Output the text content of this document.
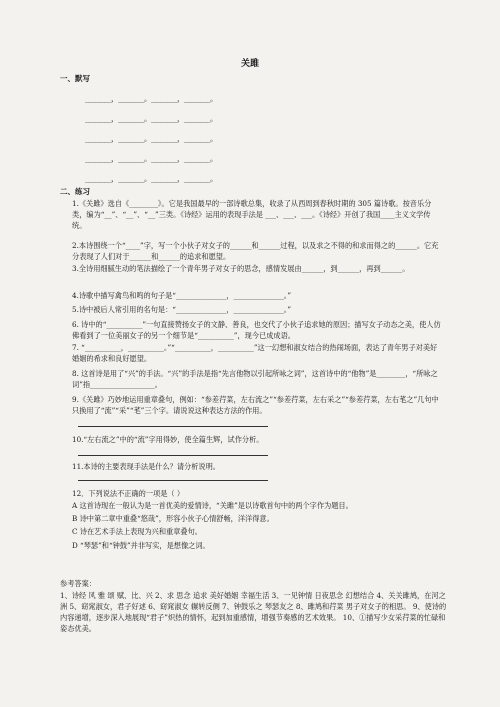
关雎
一、默写
________，________。________，________。
________，________。________，________。
________，________。________，________。
________，________。________，________。
________，________。________，________。
二、练习
1.《关雎》选自《________》。它是我国最早的一部诗歌总集，收录了从西周到春秋时期的 305 篇诗歌。按音乐分类，编为“__”、“__”、“__”三类。《诗经》运用的表现手法是 ___、___、___。《诗经》开创了我国____主义文学传统。
2.本诗围绕一个“____”字，写一个小伙子对女子的______和______过程，以及求之不得的和求而得之的______。它充分表现了人们对于______和______的追求和愿望。
3.全诗用细腻生动的笔法描绘了一个青年男子对女子的思念，感情发展由______，到______，再到______。
4.诗歌中描写禽鸟和鸣的句子是“______________，______________。”
5.诗中被后人常引用的名句是：“______________，______________。”
6. 诗中的“__________”一句直接赞扬女子的文静、善良，也交代了小伙子追求她的原因；描写女子动态之美，使人仿佛看到了一位美丽女子的另一个细节是“__________”，现今已成成语。
7. “__________，__________。”“__________，__________”这一幻想和淑女结合的热闹场面，表达了青年男子对美好婚姻的希求和良好愿望。
8. 这首诗是用了“兴”的手法。“兴”的手法是指“先言他物以引起所咏之词”，这首诗中的“他物”是________，“所咏之词”指__________________。
9.《关雎》巧妙地运用重章叠句，例如：“参差荇菜，左右流之”“参差荇菜，左右采之”“参差荇菜，左右芼之”几句中只换用了“流”“采”“芼”三个字。请说说这种表达方法的作用。
10.“左右流之”中的“流”字用得妙，使全篇生辉，试作分析。
11.本诗的主要表现手法是什么？请分析说明。
12．下列说法不正确的一项是（ ）
A 这首诗现在一般认为是一首优美的爱情诗，“关雎”是以诗歌首句中的两个字作为题目。
B 诗中第二章中重叠“悠哉”，形容小伙子心情舒畅，洋洋得意。
C 诗在艺术手法上表现为兴和重章叠句。
D “琴瑟”和“钟鼓”并非写实，是想像之词。
参考答案：
1、诗经 风 雅 颂 赋、比、兴 2、求 思念 追求 美好婚姻 幸福生活 3、一见钟情 日夜思念 幻想结合 4、关关雎鸠，在河之洲 5、窈窕淑女，君子好逑 6、窈窕淑女 辗转反侧 7、钟鼓乐之 琴瑟友之 8、雎鸠和荇菜 男子对女子的相思。 9、使诗的内容递增，逐步深入地展现“君子”炽热的情怀，起到加重感情，增强节奏感的艺术效果。 10、①描写少女采荇菜的忙碌和姿态优美。
